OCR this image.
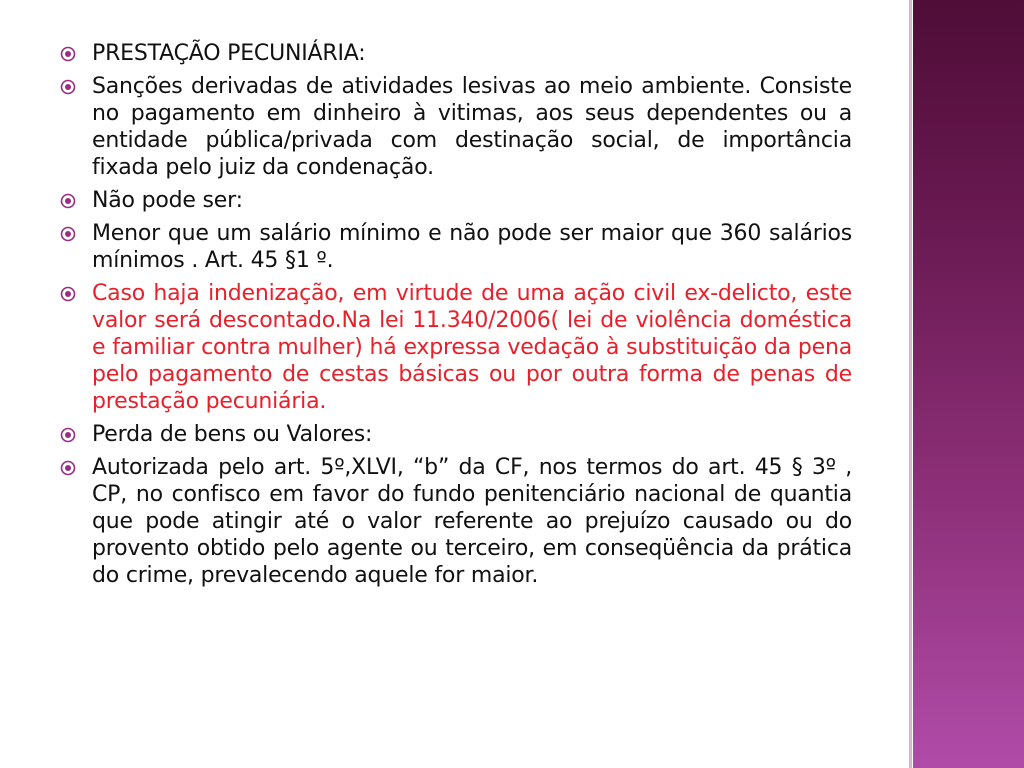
PRESTAÇÃO PECUNIÁRIA:
Sanções derivadas de atividades lesivas ao meio ambiente. Consiste no pagamento em dinheiro à vitimas, aos seus dependentes ou a entidade pública/privada com destinação social, de importância fixada pelo juiz da condenação.
Não pode ser:
Menor que um salário mínimo e não pode ser maior que 360 salários mínimos . Art. 45 §1 º.
Caso haja indenização, em virtude de uma ação civil ex-delicto, este valor será descontado.Na lei 11.340/2006( lei de violência doméstica e familiar contra mulher) há expressa vedação à substituição da pena pelo pagamento de cestas básicas ou por outra forma de penas de prestação pecuniária.
Perda de bens ou Valores:
Autorizada pelo art. 5º,XLVI, “b” da CF, nos termos do art. 45 § 3º , CP, no confisco em favor do fundo penitenciário nacional de quantia que pode atingir até o valor referente ao prejuízo causado ou do provento obtido pelo agente ou terceiro, em conseqüência da prática do crime, prevalecendo aquele for maior.
